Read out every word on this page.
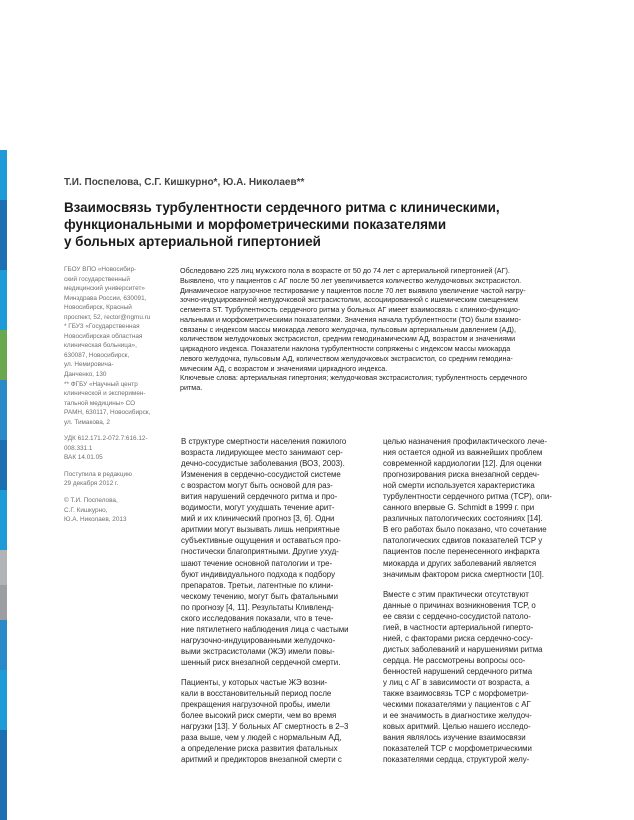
Т.И. Поспелова, С.Г. Кишкурно*, Ю.А. Николаев**

Взаимосвязь турбулентности сердечного ритма с клиническими,
функциональными и морфометрическими показателями
у больных артериальной гипертонией
ГБОУ ВПО «Новосибир-
ский государственный
медицинский университет»
Минздрава России, 630091,
Новосибирск, Красный
проспект, 52, rector@ngmu.ru
* ГБУЗ «Государственная
Новосибирская областная
клиническая больница»,
630087, Новосибирск,
ул. Немировича-
Данченко, 130
** ФГБУ «Научный центр
клинической и эксперимен-
тальной медицины» СО
РАМН, 630117, Новосибирск,
ул. Тимакова, 2
УДК 612.171.2-072.7:616.12-
008.331.1
ВАК 14.01.05
Поступила в редакцию
29 декабря 2012 г.
© Т.И. Поспелова,
С.Г. Кишкурно,
Ю.А. Николаев, 2013
Обследовано 225 лиц мужского пола в возрасте от 50 до 74 лет с артериальной гипертонией (АГ).
Выявлено, что у пациентов с АГ после 50 лет увеличивается количество желудочковых экстрасистол.
Динамическое нагрузочное тестирование у пациентов после 70 лет выявило увеличение частой нагру-
зочно-индуцированной желудочковой экстрасистолии, ассоциированной с ишемическим смещением
сегмента ST. Турбулентность сердечного ритма у больных АГ имеет взаимосвязь с клинико-функцио-
нальными и морфометрическими показателями. Значения начала турбулентности (ТО) были взаимо-
связаны с индексом массы миокарда левого желудочка, пульсовым артериальным давлением (АД),
количеством желудочковых экстрасистол, средним гемодинамическим АД, возрастом и значениями
циркадного индекса. Показатели наклона турбулентности сопряжены с индексом массы миокарда
левого желудочка, пульсовым АД, количеством желудочковых экстрасистол, со средним гемодина-
мическим АД, с возрастом и значениями циркадного индекса.
Ключевые слова: артериальная гипертония; желудочковая экстрасистолия; турбулентность сердечного
ритма.
В структуре смертности населения пожилого
возраста лидирующее место занимают сер-
дечно-сосудистые заболевания (ВОЗ, 2003).
Изменения в сердечно-сосудистой системе
с возрастом могут быть основой для раз-
вития нарушений сердечного ритма и про-
водимости, могут ухудшать течение арит-
мий и их клинический прогноз [3, 6]. Одни
аритмии могут вызывать лишь неприятные
субъективные ощущения и оставаться про-
гностически благоприятными. Другие ухуд-
шают течение основной патологии и тре-
буют индивидуального подхода к подбору
препаратов. Третьи, латентные по клини-
ческому течению, могут быть фатальными
по прогнозу [4, 11]. Результаты Кливленд-
ского исследования показали, что в тече-
ние пятилетнего наблюдения лица с частыми
нагрузочно-индуцированными желудочко-
выми экстрасистолами (ЖЭ) имели повы-
шенный риск внезапной сердечной смерти.
Пациенты, у которых частые ЖЭ возни-
кали в восстановительный период после
прекращения нагрузочной пробы, имели
более высокий риск смерти, чем во время
нагрузки [13]. У больных АГ смертность в 2–3
раза выше, чем у людей с нормальным АД,
а определение риска развития фатальных
аритмий и предикторов внезапной смерти с
целью назначения профилактического лече-
ния остается одной из важнейших проблем
современной кардиологии [12]. Для оценки
прогнозирования риска внезапной сердеч-
ной смерти используется характеристика
турбулентности сердечного ритма (ТСР), опи-
санного впервые G. Schmidt в 1999 г. при
различных патологических состояниях [14].
В его работах было показано, что сочетание
патологических сдвигов показателей ТСР у
пациентов после перенесенного инфаркта
миокарда и других заболеваний является
значимым фактором риска смертности [10].
Вместе с этим практически отсутствуют
данные о причинах возникновения ТСР, о
ее связи с сердечно-сосудистой патоло-
гией, в частности артериальной гиперто-
нией, с факторами риска сердечно-сосу-
дистых заболеваний и нарушениями ритма
сердца. Не рассмотрены вопросы осо-
бенностей нарушений сердечного ритма
у лиц с АГ в зависимости от возраста, а
также взаимосвязь ТСР с морфометри-
ческими показателями у пациентов с АГ
и ее значимость в диагностике желудоч-
ковых аритмий. Целью нашего исследо-
вания являлось изучение взаимосвязи
показателей ТСР с морфометрическими
показателями сердца, структурой желу-
